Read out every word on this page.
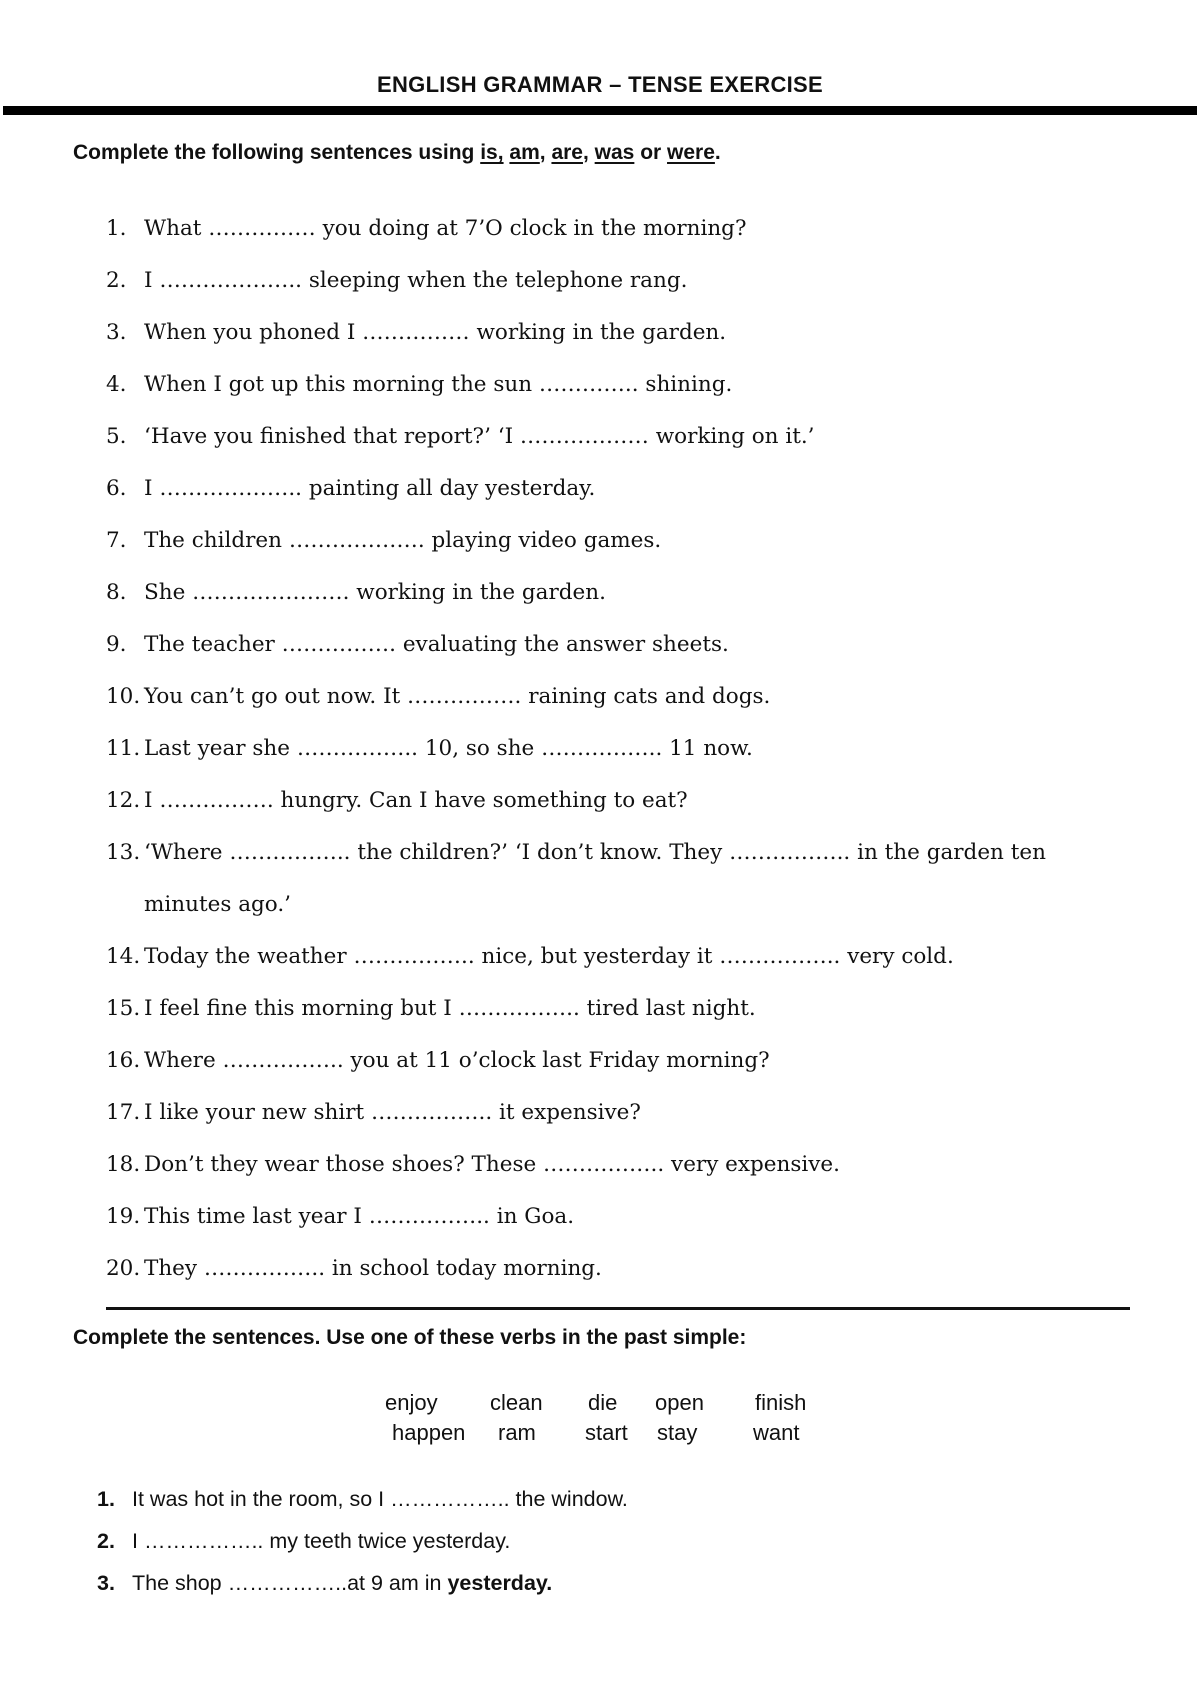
ENGLISH GRAMMAR – TENSE EXERCISE
Complete the following sentences using is, am, are, was or were.
1. What …………… you doing at 7’O clock in the morning?
2. I ……………….. sleeping when the telephone rang.
3. When you phoned I …………… working in the garden.
4. When I got up this morning the sun ………….. shining.
5. ‘Have you finished that report?’ ‘I ……………… working on it.’
6. I ……………….. painting all day yesterday.
7. The children ………………. playing video games.
8. She …………………. working in the garden.
9. The teacher ……………. evaluating the answer sheets.
10. You can’t go out now. It ……………. raining cats and dogs.
11. Last year she …………….. 10, so she …………….. 11 now.
12. I ……………. hungry. Can I have something to eat?
13. ‘Where …………….. the children?’ ‘I don’t know. They …………….. in the garden ten
minutes ago.’
14. Today the weather …………….. nice, but yesterday it …………….. very cold.
15. I feel fine this morning but I …………….. tired last night.
16. Where …………….. you at 11 o’clock last Friday morning?
17. I like your new shirt …………….. it expensive?
18. Don’t they wear those shoes? These …………….. very expensive.
19. This time last year I …………….. in Goa.
20. They …………….. in school today morning.
Complete the sentences. Use one of these verbs in the past simple:
enjoy clean die open finish
happen ram start stay	want
1. It was hot in the room, so I …………….. the window.
2. I …………….. my teeth twice yesterday.
3. The shop ……………..at 9 am in yesterday.
